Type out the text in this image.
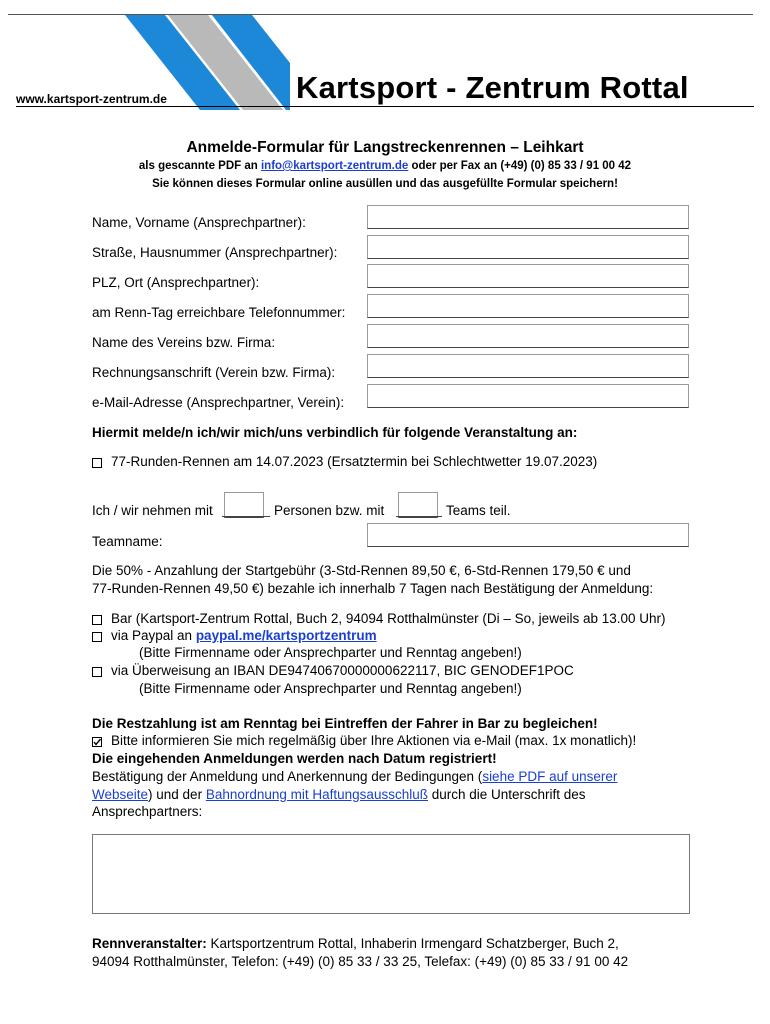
www.kartsport-zentrum.de	Kartsport - Zentrum Rottal
Anmelde-Formular für Langstreckenrennen – Leihkart
als gescannte PDF an info@kartsport-zentrum.de oder per Fax an (+49) (0) 85 33 / 91 00 42
Sie können dieses Formular online ausüllen und das ausgefüllte Formular speichern!
Name, Vorname (Ansprechpartner):
Straße, Hausnummer (Ansprechpartner):
PLZ, Ort (Ansprechpartner):
am Renn-Tag erreichbare Telefonnummer:
Name des Vereins bzw. Firma:
Rechnungsanschrift (Verein bzw. Firma):
e-Mail-Adresse (Ansprechpartner, Verein):
Hiermit melde/n ich/wir mich/uns verbindlich für folgende Veranstaltung an:
77-Runden-Rennen am 14.07.2023 (Ersatztermin bei Schlechtwetter 19.07.2023)
Ich / wir nehmen mit	Personen bzw. mit	Teams teil.
Teamname:
Die 50% - Anzahlung der Startgebühr (3-Std-Rennen 89,50 €, 6-Std-Rennen 179,50 € und
77-Runden-Rennen 49,50 €) bezahle ich innerhalb 7 Tagen nach Bestätigung der Anmeldung:
Bar (Kartsport-Zentrum Rottal, Buch 2, 94094 Rotthalmünster (Di – So, jeweils ab 13.00 Uhr)
via Paypal an paypal.me/kartsportzentrum
(Bitte Firmenname oder Ansprechparter und Renntag angeben!)
via Überweisung an IBAN DE94740670000000622117, BIC GENODEF1POC
(Bitte Firmenname oder Ansprechparter und Renntag angeben!)
Die Restzahlung ist am Renntag bei Eintreffen der Fahrer in Bar zu begleichen!
Bitte informieren Sie mich regelmäßig über Ihre Aktionen via e-Mail (max. 1x monatlich)!
Die eingehenden Anmeldungen werden nach Datum registriert!
Bestätigung der Anmeldung und Anerkennung der Bedingungen (siehe PDF auf unserer
Webseite) und der Bahnordnung mit Haftungsausschluß durch die Unterschrift des
Ansprechpartners:
Rennveranstalter: Kartsportzentrum Rottal, Inhaberin Irmengard Schatzberger, Buch 2,
94094 Rotthalmünster, Telefon: (+49) (0) 85 33 / 33 25, Telefax: (+49) (0) 85 33 / 91 00 42
